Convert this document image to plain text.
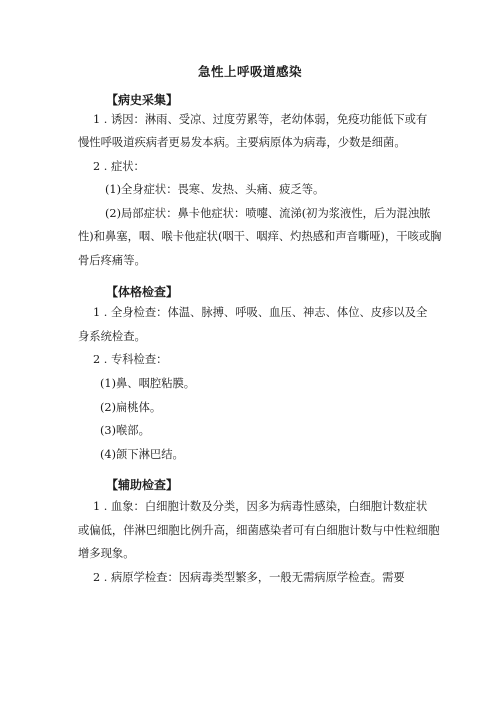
急性上呼吸道感染
【病史采集】
1 . 诱因：淋雨、受凉、过度劳累等，老幼体弱，免疫功能低下或有
慢性呼吸道疾病者更易发本病。主要病原体为病毒，少数是细菌。
2 . 症状：
(1)全身症状：畏寒、发热、头痛、疲乏等。
(2)局部症状：鼻卡他症状：喷嚏、流涕(初为浆液性，后为混浊脓
性)和鼻塞，咽、喉卡他症状(咽干、咽痒、灼热感和声音嘶哑)，干咳或胸
骨后疼痛等。
【体格检查】
1 . 全身检查：体温、脉搏、呼吸、血压、神志、体位、皮疹以及全
身系统检查。
2 . 专科检查：
(1)鼻、咽腔粘膜。
(2)扁桃体。
(3)喉部。
(4)颌下淋巴结。
【辅助检查】
1 . 血象：白细胞计数及分类，因多为病毒性感染，白细胞计数症状
或偏低，伴淋巴细胞比例升高，细菌感染者可有白细胞计数与中性粒细胞
增多现象。
2 . 病原学检查：因病毒类型繁多，一般无需病原学检查。需要
